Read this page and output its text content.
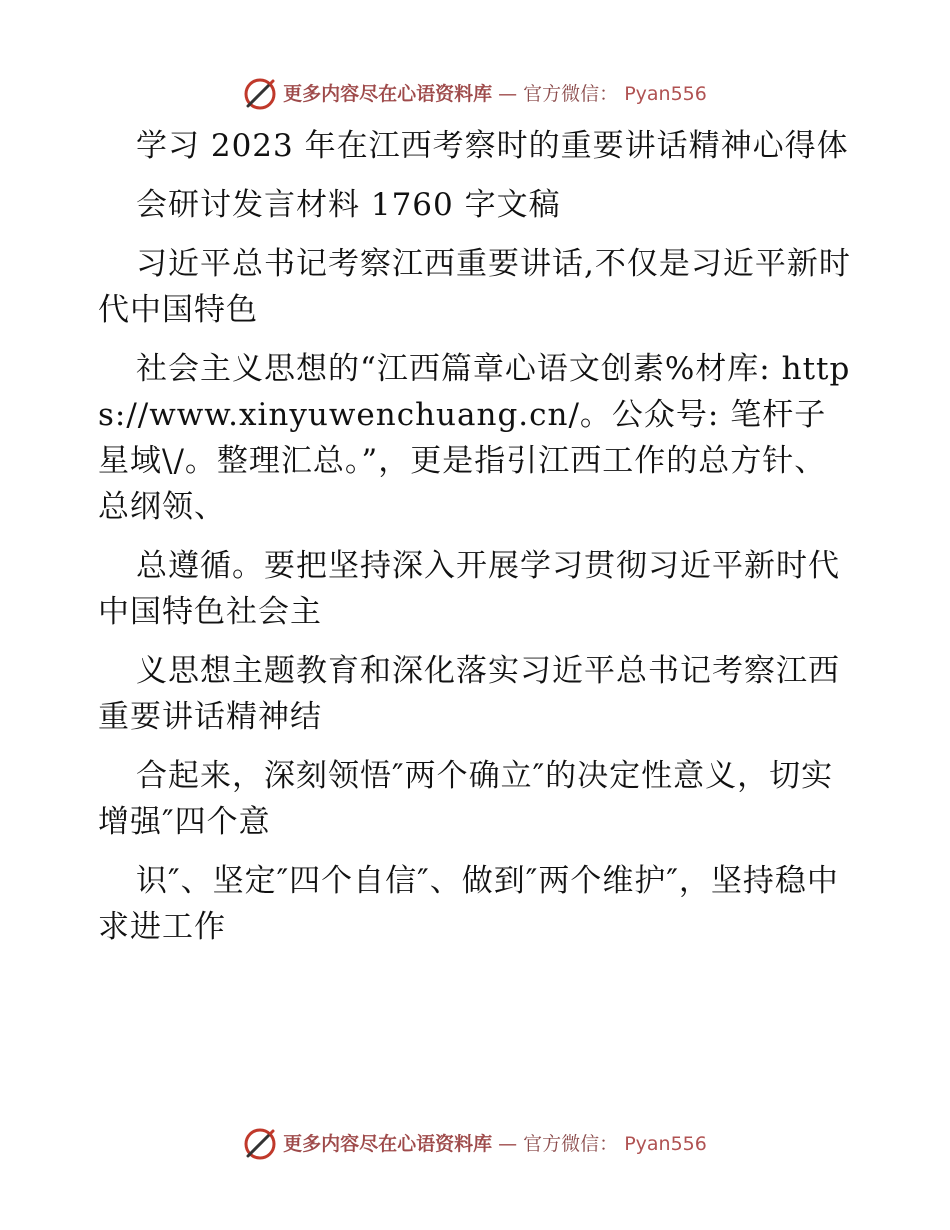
更多内容尽在心语资料库 — 官方微信： Pyan556

学习 2023 年在江西考察时的重要讲话精神心得体

会研讨发言材料 1760 字文稿

习近平总书记考察江西重要讲话,不仅是习近平新时代中国特色

社会主义思想的“江西篇章心语文创素%材库: https://www.xinyuwenchuang.cn/。公众号: 笔杆子星域\/。整理汇总。”，更是指引江西工作的总方针、总纲领、

总遵循。要把坚持深入开展学习贯彻习近平新时代中国特色社会主

义思想主题教育和深化落实习近平总书记考察江西重要讲话精神结

合起来，深刻领悟″两个确立″的决定性意义，切实增强″四个意

识″、坚定″四个自信″、做到″两个维护″，坚持稳中求进工作

更多内容尽在心语资料库 — 官方微信： Pyan556
